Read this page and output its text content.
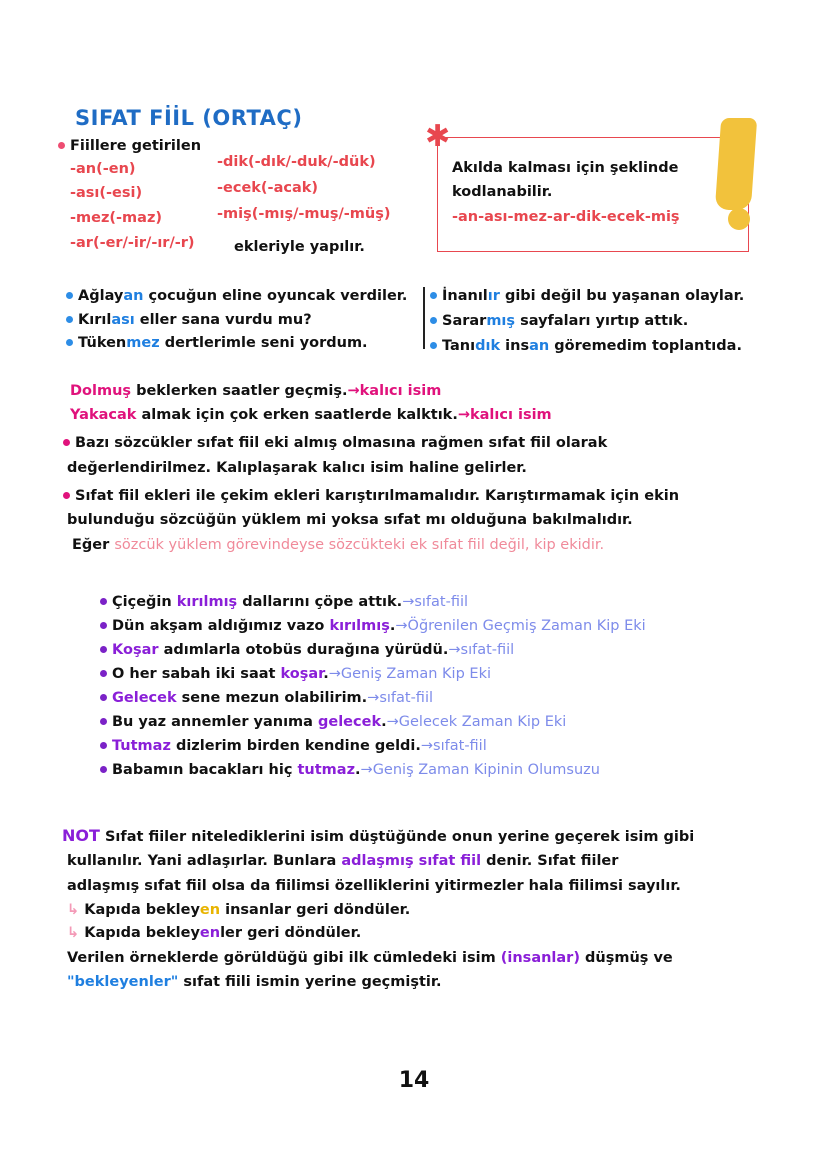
SIFAT FİİL (ORTAÇ)
Fiillere getirilen
-an(-en)
-ası(-esi)
-mez(-maz)
-ar(-er/-ir/-ır/-r)
-dik(-dık/-duk/-dük)
-ecek(-acak)
-miş(-mış/-muş/-müş)
ekleriyle yapılır.
✱
Akılda kalması için şeklinde
kodlanabilir.
-an-ası-mez-ar-dik-ecek-miş
Ağlayan çocuğun eline oyuncak verdiler.
Kırılası eller sana vurdu mu?
Tükenmez dertlerimle seni yordum.
İnanılır gibi değil bu yaşanan olaylar.
Sararmış sayfaları yırtıp attık.
Tanıdık insan göremedim toplantıda.
Dolmuş beklerken saatler geçmiş.→kalıcı isim
Yakacak almak için çok erken saatlerde kalktık.→kalıcı isim
Bazı sözcükler sıfat fiil eki almış olmasına rağmen sıfat fiil olarak
değerlendirilmez. Kalıplaşarak kalıcı isim haline gelirler.
Sıfat fiil ekleri ile çekim ekleri karıştırılmamalıdır. Karıştırmamak için ekin
bulunduğu sözcüğün yüklem mi yoksa sıfat mı olduğuna bakılmalıdır.
Eğer sözcük yüklem görevindeyse sözcükteki ek sıfat fiil değil, kip ekidir.
Çiçeğin kırılmış dallarını çöpe attık.→sıfat-fiil
Dün akşam aldığımız vazo kırılmış.→Öğrenilen Geçmiş Zaman Kip Eki
Koşar adımlarla otobüs durağına yürüdü.→sıfat-fiil
O her sabah iki saat koşar.→Geniş Zaman Kip Eki
Gelecek sene mezun olabilirim.→sıfat-fiil
Bu yaz annemler yanıma gelecek.→Gelecek Zaman Kip Eki
Tutmaz dizlerim birden kendine geldi.→sıfat-fiil
Babamın bacakları hiç tutmaz.→Geniş Zaman Kipinin Olumsuzu
NOT Sıfat fiiler nitelediklerini isim düştüğünde onun yerine geçerek isim gibi
kullanılır. Yani adlaşırlar. Bunlara adlaşmış sıfat fiil denir. Sıfat fiiler
adlaşmış sıfat fiil olsa da fiilimsi özelliklerini yitirmezler hala fiilimsi sayılır.
↳ Kapıda bekleyen insanlar geri döndüler.
↳ Kapıda bekleyenler geri döndüler.
Verilen örneklerde görüldüğü gibi ilk cümledeki isim (insanlar) düşmüş ve
"bekleyenler" sıfat fiili ismin yerine geçmiştir.
14
